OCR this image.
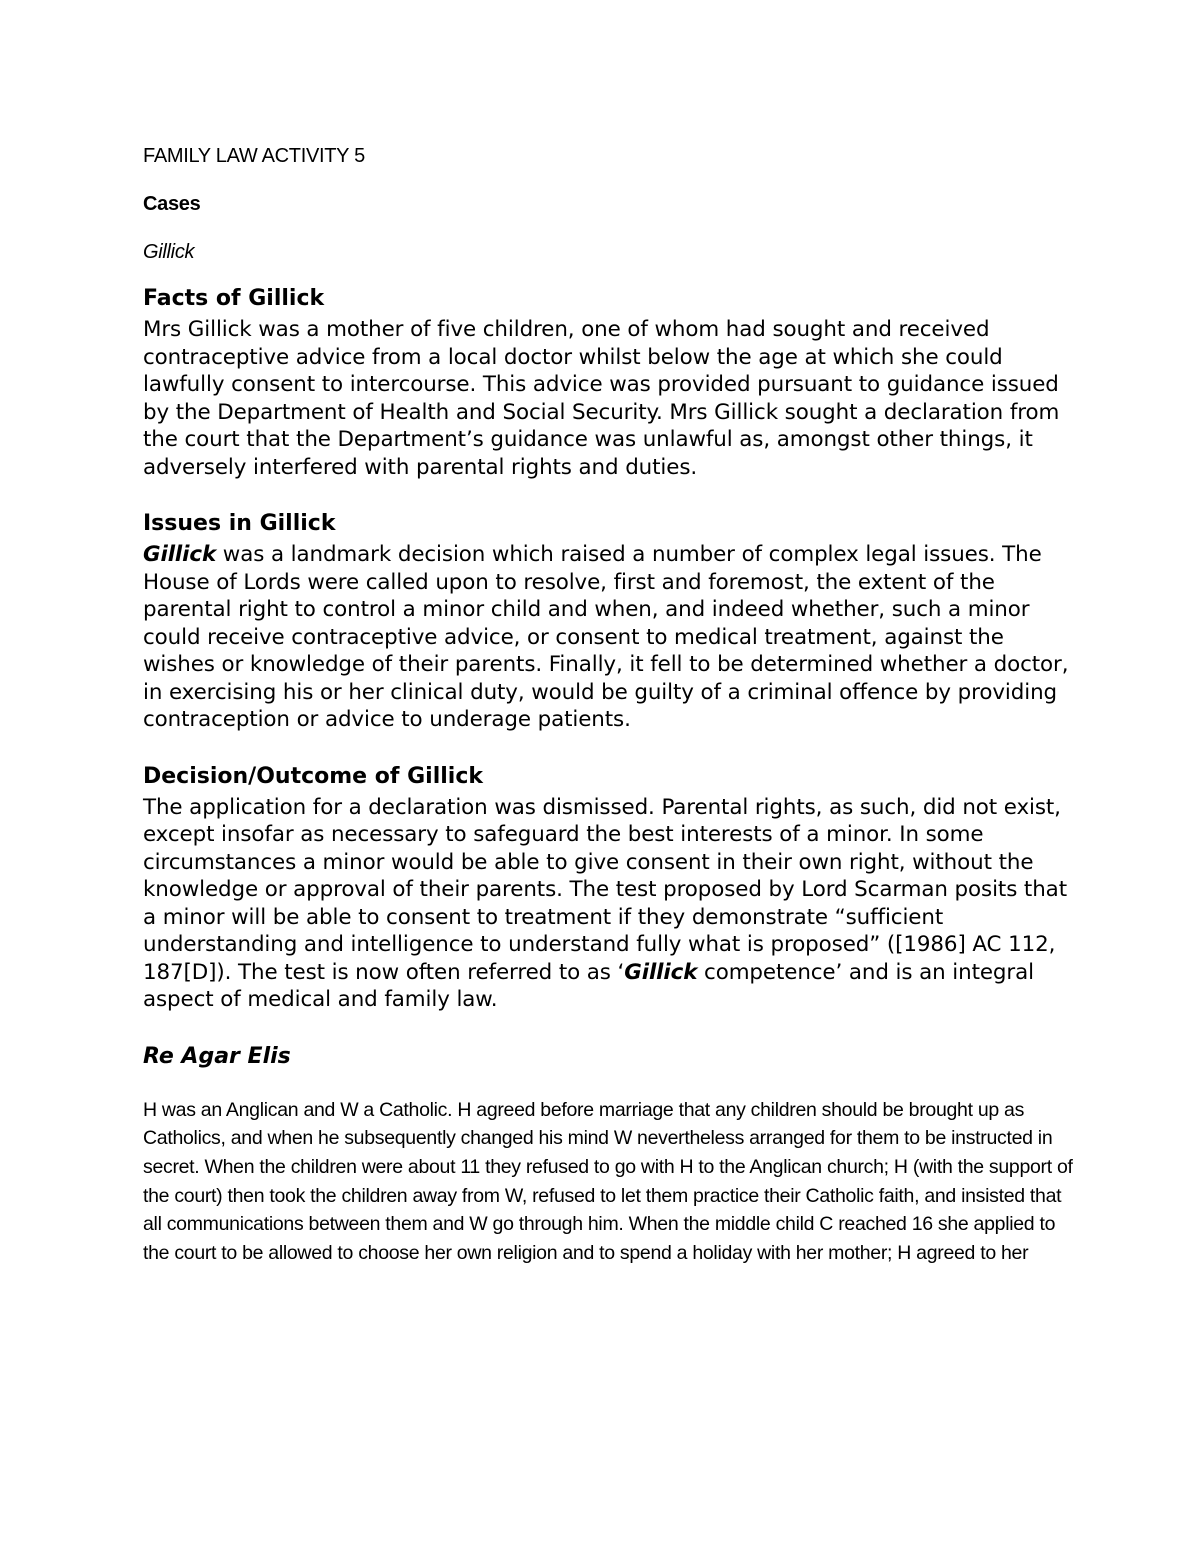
FAMILY LAW ACTIVITY 5
Cases
Gillick
Facts of Gillick

Mrs Gillick was a mother of five children, one of whom had sought and received contraceptive advice from a local doctor whilst below the age at which she could lawfully consent to intercourse. This advice was provided pursuant to guidance issued by the Department of Health and Social Security. Mrs Gillick sought a declaration from the court that the Department’s guidance was unlawful as, amongst other things, it adversely interfered with parental rights and duties.

Issues in Gillick

Gillick was a landmark decision which raised a number of complex legal issues. The House of Lords were called upon to resolve, first and foremost, the extent of the parental right to control a minor child and when, and indeed whether, such a minor could receive contraceptive advice, or consent to medical treatment, against the wishes or knowledge of their parents. Finally, it fell to be determined whether a doctor, in exercising his or her clinical duty, would be guilty of a criminal offence by providing contraception or advice to underage patients.

Decision/Outcome of Gillick

The application for a declaration was dismissed. Parental rights, as such, did not exist, except insofar as necessary to safeguard the best interests of a minor. In some circumstances a minor would be able to give consent in their own right, without the knowledge or approval of their parents. The test proposed by Lord Scarman posits that a minor will be able to consent to treatment if they demonstrate “sufficient understanding and intelligence to understand fully what is proposed” ([1986] AC 112, 187[D]). The test is now often referred to as ‘Gillick competence’ and is an integral aspect of medical and family law.

Re Agar Elis

H was an Anglican and W a Catholic. H agreed before marriage that any children should be brought up as Catholics, and when he subsequently changed his mind W nevertheless arranged for them to be instructed in secret. When the children were about 11 they refused to go with H to the Anglican church; H (with the support of the court) then took the children away from W, refused to let them practice their Catholic faith, and insisted that all communications between them and W go through him. When the middle child C reached 16 she applied to the court to be allowed to choose her own religion and to spend a holiday with her mother; H agreed to her
